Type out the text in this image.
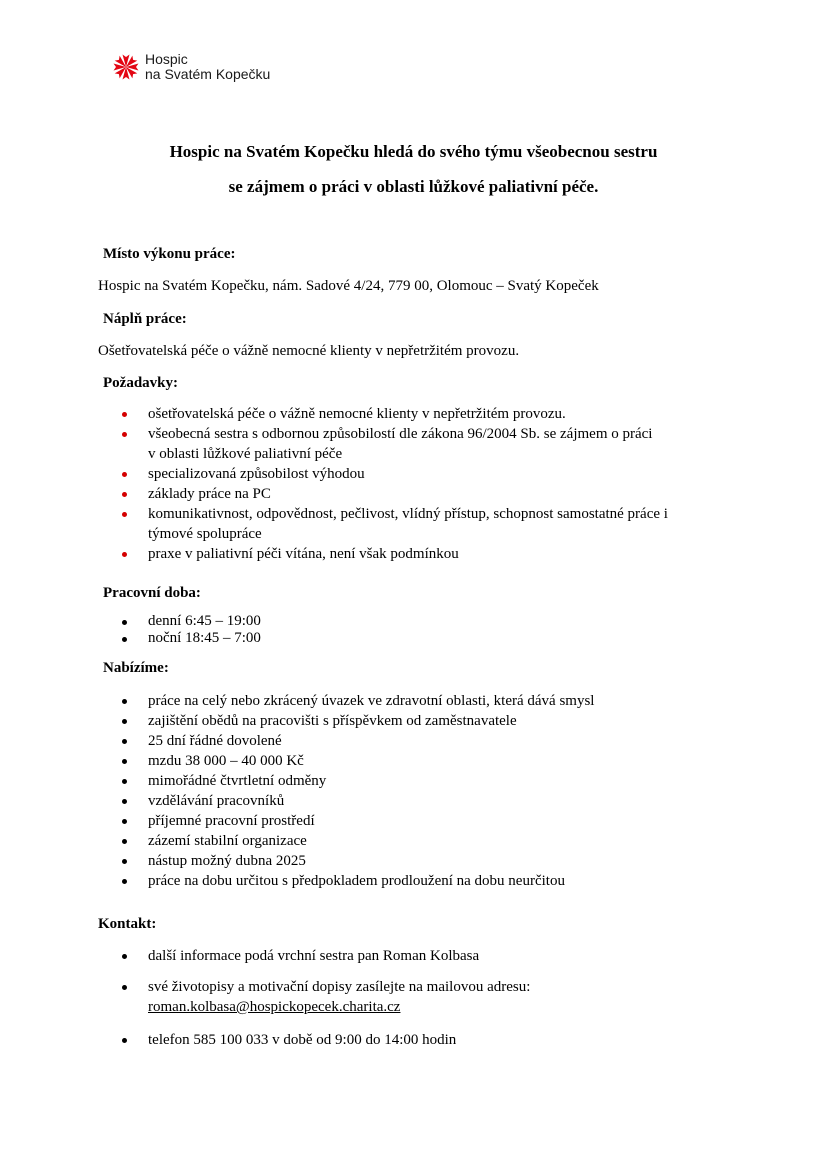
Hospic
na Svatém Kopečku
Hospic na Svatém Kopečku hledá do svého týmu všeobecnou sestru
se zájmem o práci v oblasti lůžkové paliativní péče.
Místo výkonu práce:
Hospic na Svatém Kopečku, nám. Sadové 4/24, 779 00, Olomouc – Svatý Kopeček
Náplň práce:
Ošetřovatelská péče o vážně nemocné klienty v nepřetržitém provozu.
Požadavky:
ošetřovatelská péče o vážně nemocné klienty v nepřetržitém provozu.
všeobecná sestra s odbornou způsobilostí dle zákona 96/2004 Sb. se zájmem o práci
v oblasti lůžkové paliativní péče
specializovaná způsobilost výhodou
základy práce na PC
komunikativnost, odpovědnost, pečlivost, vlídný přístup, schopnost samostatné práce i
týmové spolupráce
praxe v paliativní péči vítána, není však podmínkou
Pracovní doba:
denní 6:45 – 19:00
noční 18:45 – 7:00
Nabízíme:
práce na celý nebo zkrácený úvazek ve zdravotní oblasti, která dává smysl
zajištění obědů na pracovišti s příspěvkem od zaměstnavatele
25 dní řádné dovolené
mzdu 38 000 – 40 000 Kč
mimořádné čtvrtletní odměny
vzdělávání pracovníků
příjemné pracovní prostředí
zázemí stabilní organizace
nástup možný dubna 2025
práce na dobu určitou s předpokladem prodloužení na dobu neurčitou
Kontakt:
další informace podá vrchní sestra pan Roman Kolbasa
své životopisy a motivační dopisy zasílejte na mailovou adresu:
roman.kolbasa@hospickopecek.charita.cz
telefon 585 100 033 v době od 9:00 do 14:00 hodin
